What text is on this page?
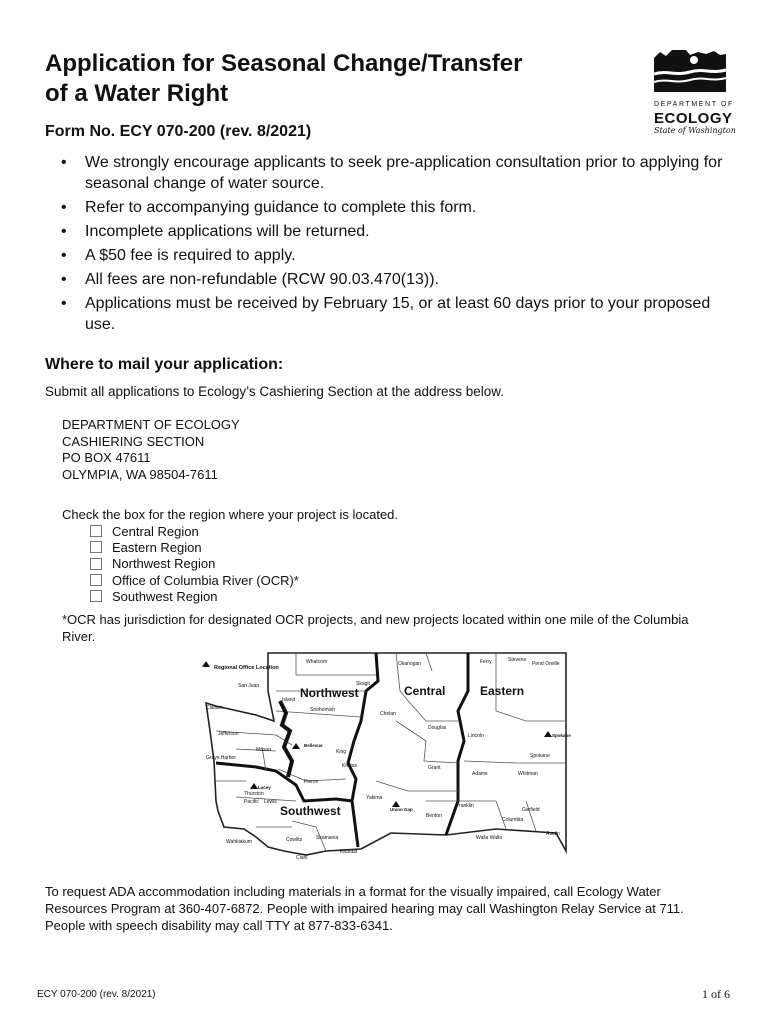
Application for Seasonal Change/Transfer
of a Water Right
Form No. ECY 070-200 (rev. 8/2021)
DEPARTMENT OF
ECOLOGY
State of Washington
• We strongly encourage applicants to seek pre-application consultation prior to applying for seasonal change of water source.
• Refer to accompanying guidance to complete this form.
• Incomplete applications will be returned.
• A $50 fee is required to apply.
• All fees are non-refundable (RCW 90.03.470(13)).
• Applications must be received by February 15, or at least 60 days prior to your proposed use.
Where to mail your application:
Submit all applications to Ecology’s Cashiering Section at the address below.
DEPARTMENT OF ECOLOGY
CASHIERING SECTION
PO BOX 47611
OLYMPIA, WA 98504-7611
Check the box for the region where your project is located.
Central Region
Eastern Region
Northwest Region
Office of Columbia River (OCR)*
Southwest Region
*OCR has jurisdiction for designated OCR projects, and new projects located within one mile of the Columbia River.
Regional Office Location
Northwest	Central	Eastern
Southwest
Whatcom	Okanogan	Ferry	Stevens
Pend Oreille
San Juan	Skagit
Island
Snohomish
Clallam
Chelan
Jefferson
Douglas
Lincoln
Spokane
Mason	King
Grays Harbor
Kittitas	Grant
Adams	Whitman
Pierce
Thurston
Yakima
Franklin
Garfield
Pacific Lewis
Benton
Columbia
Asotin
Walla Walla
Cowlitz	Skamania
Klickitat
Wahkiakum
Clark
Bellevue
Spokane
Union Gap
Lacey
To request ADA accommodation including materials in a format for the visually impaired, call Ecology Water Resources Program at 360-407-6872. People with impaired hearing may call Washington Relay Service at 711. People with speech disability may call TTY at 877-833-6341.
ECY 070-200 (rev. 8/2021)	1 of 6
